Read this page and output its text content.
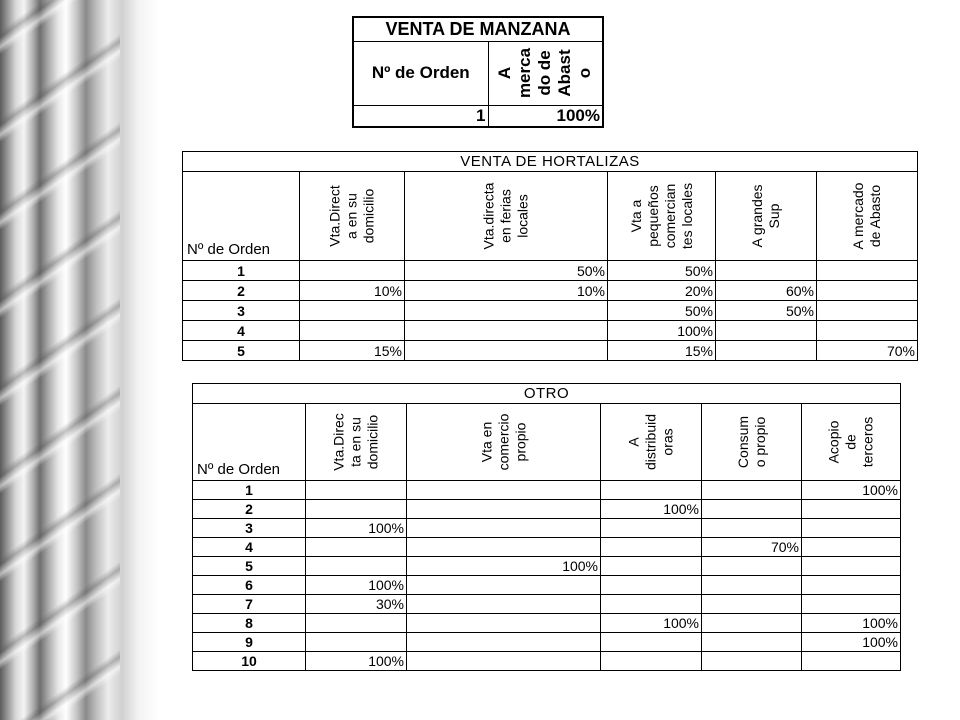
VENTA DE MANZANA	
Nº de Orden	A
merca
do de
Abast
o

1	100%
VENTA DE HORTALIZAS					

Nº de Orden	Vta.Direct
a en su
domicilio	Vta.directa
en ferias
locales	Vta a
pequeños
comercian
tes locales	A grandes
Sup	A mercado
de Abasto

1		50%	50%		
2	10%	10%	20%	60%	
3			50%	50%	
4			100%		
5	15%		15%		70%
OTRO					

Nº de Orden	Vta.Direc
ta en su
domicilio	Vta en
comercio
propio	A
distribuid
oras	Consum
o propio	Acopio
de
terceros

1					100%
2			100%		
3	100%				
4				70%	
5		100%			
6	100%				
7	30%				
8			100%		100%
9					100%
10	100%				
